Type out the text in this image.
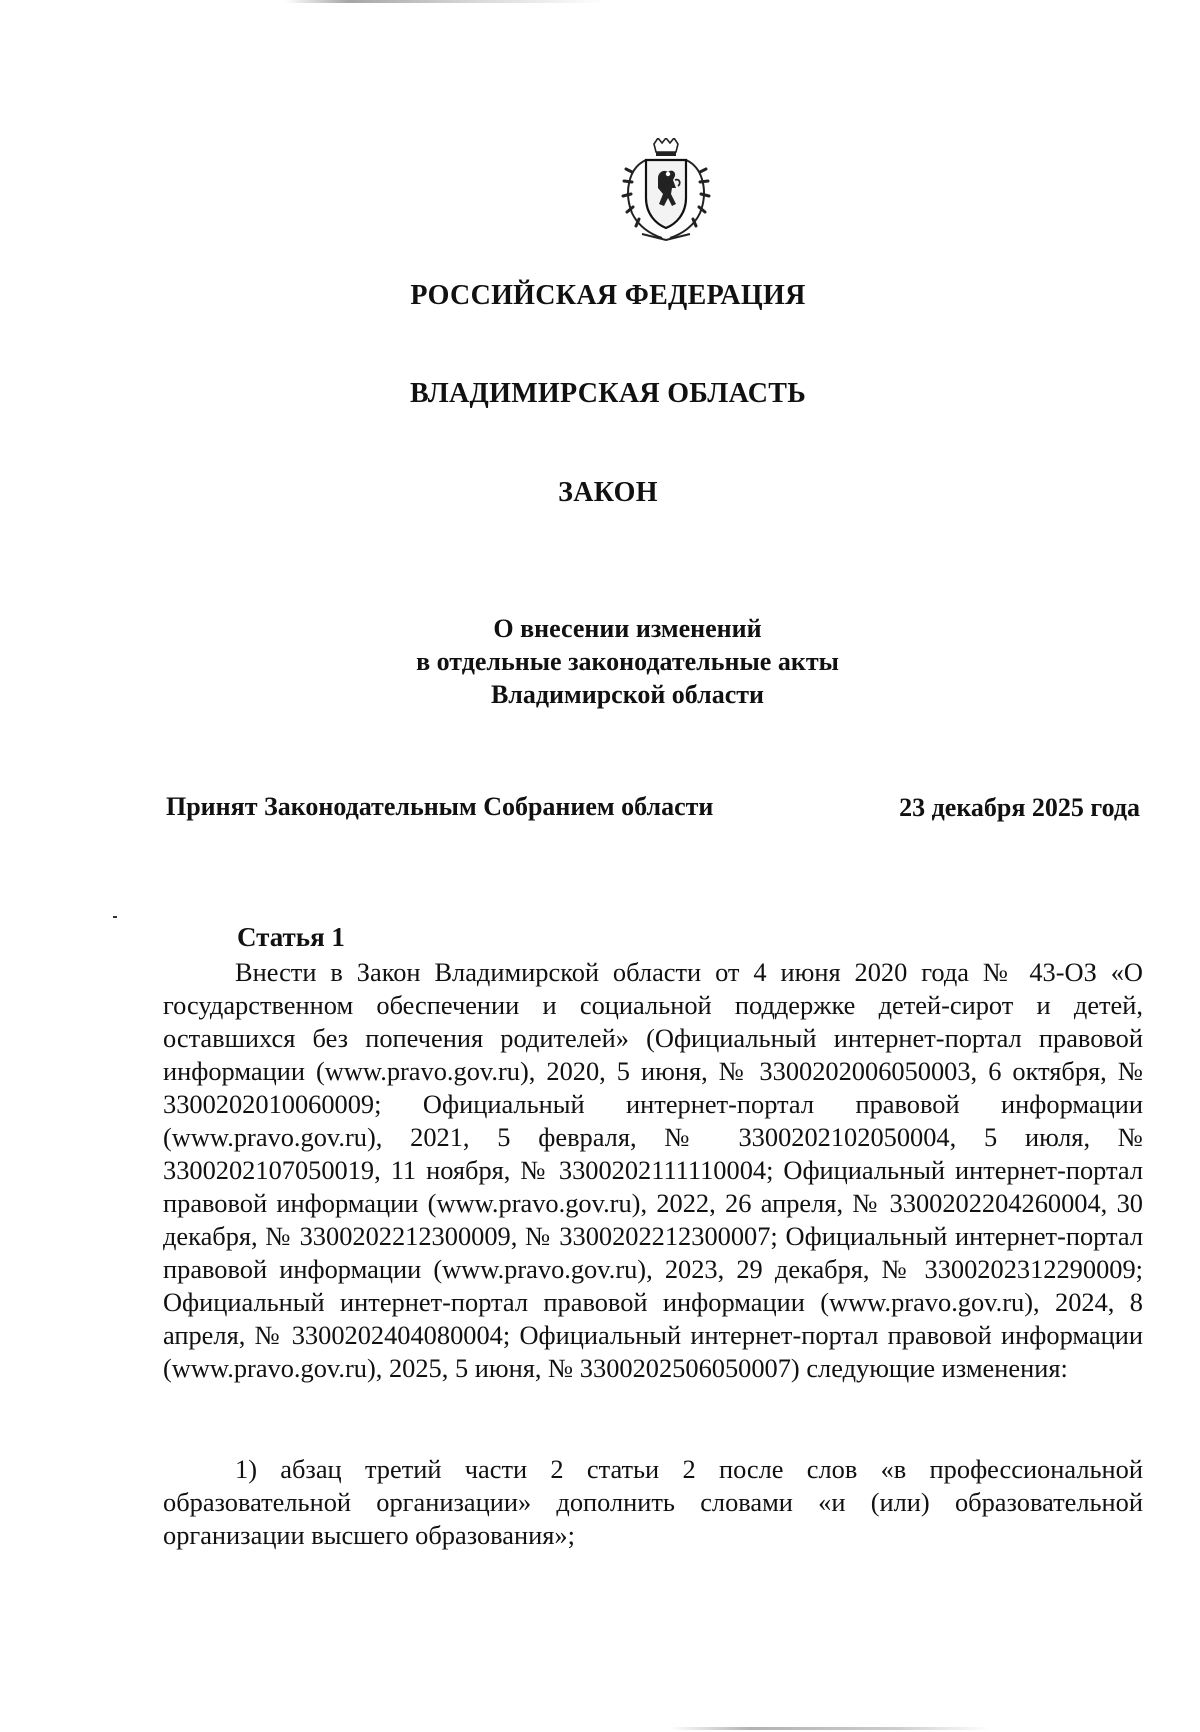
РОССИЙСКАЯ ФЕДЕРАЦИЯ
ВЛАДИМИРСКАЯ ОБЛАСТЬ
ЗАКОН
О внесении изменений
в отдельные законодательные акты
Владимирской области
Принят Законодательным Собранием области	23 декабря 2025 года
Статья 1
Внести в Закон Владимирской области от 4 июня 2020 года № 43-ОЗ «О государственном обеспечении и социальной поддержке детей-сирот и детей, оставшихся без попечения родителей» (Официальный интернет-портал правовой информации (www.pravo.gov.ru), 2020, 5 июня, № 3300202006050003, 6 октября, № 3300202010060009; Официальный интернет-портал правовой информации (www.pravo.gov.ru), 2021, 5 февраля, № 3300202102050004, 5 июля, № 3300202107050019, 11 ноября, № 3300202111110004; Официальный интернет-портал правовой информации (www.pravo.gov.ru), 2022, 26 апреля, № 3300202204260004, 30 декабря, № 3300202212300009, № 3300202212300007; Официальный интернет-портал правовой информации (www.pravo.gov.ru), 2023, 29 декабря, № 3300202312290009; Официальный интернет-портал правовой информации (www.pravo.gov.ru), 2024, 8 апреля, № 3300202404080004; Официальный интернет-портал правовой информации (www.pravo.gov.ru), 2025, 5 июня, № 3300202506050007) следующие изменения:
1) абзац третий части 2 статьи 2 после слов «в профессиональной образовательной организации» дополнить словами «и (или) образовательной организации высшего образования»;
